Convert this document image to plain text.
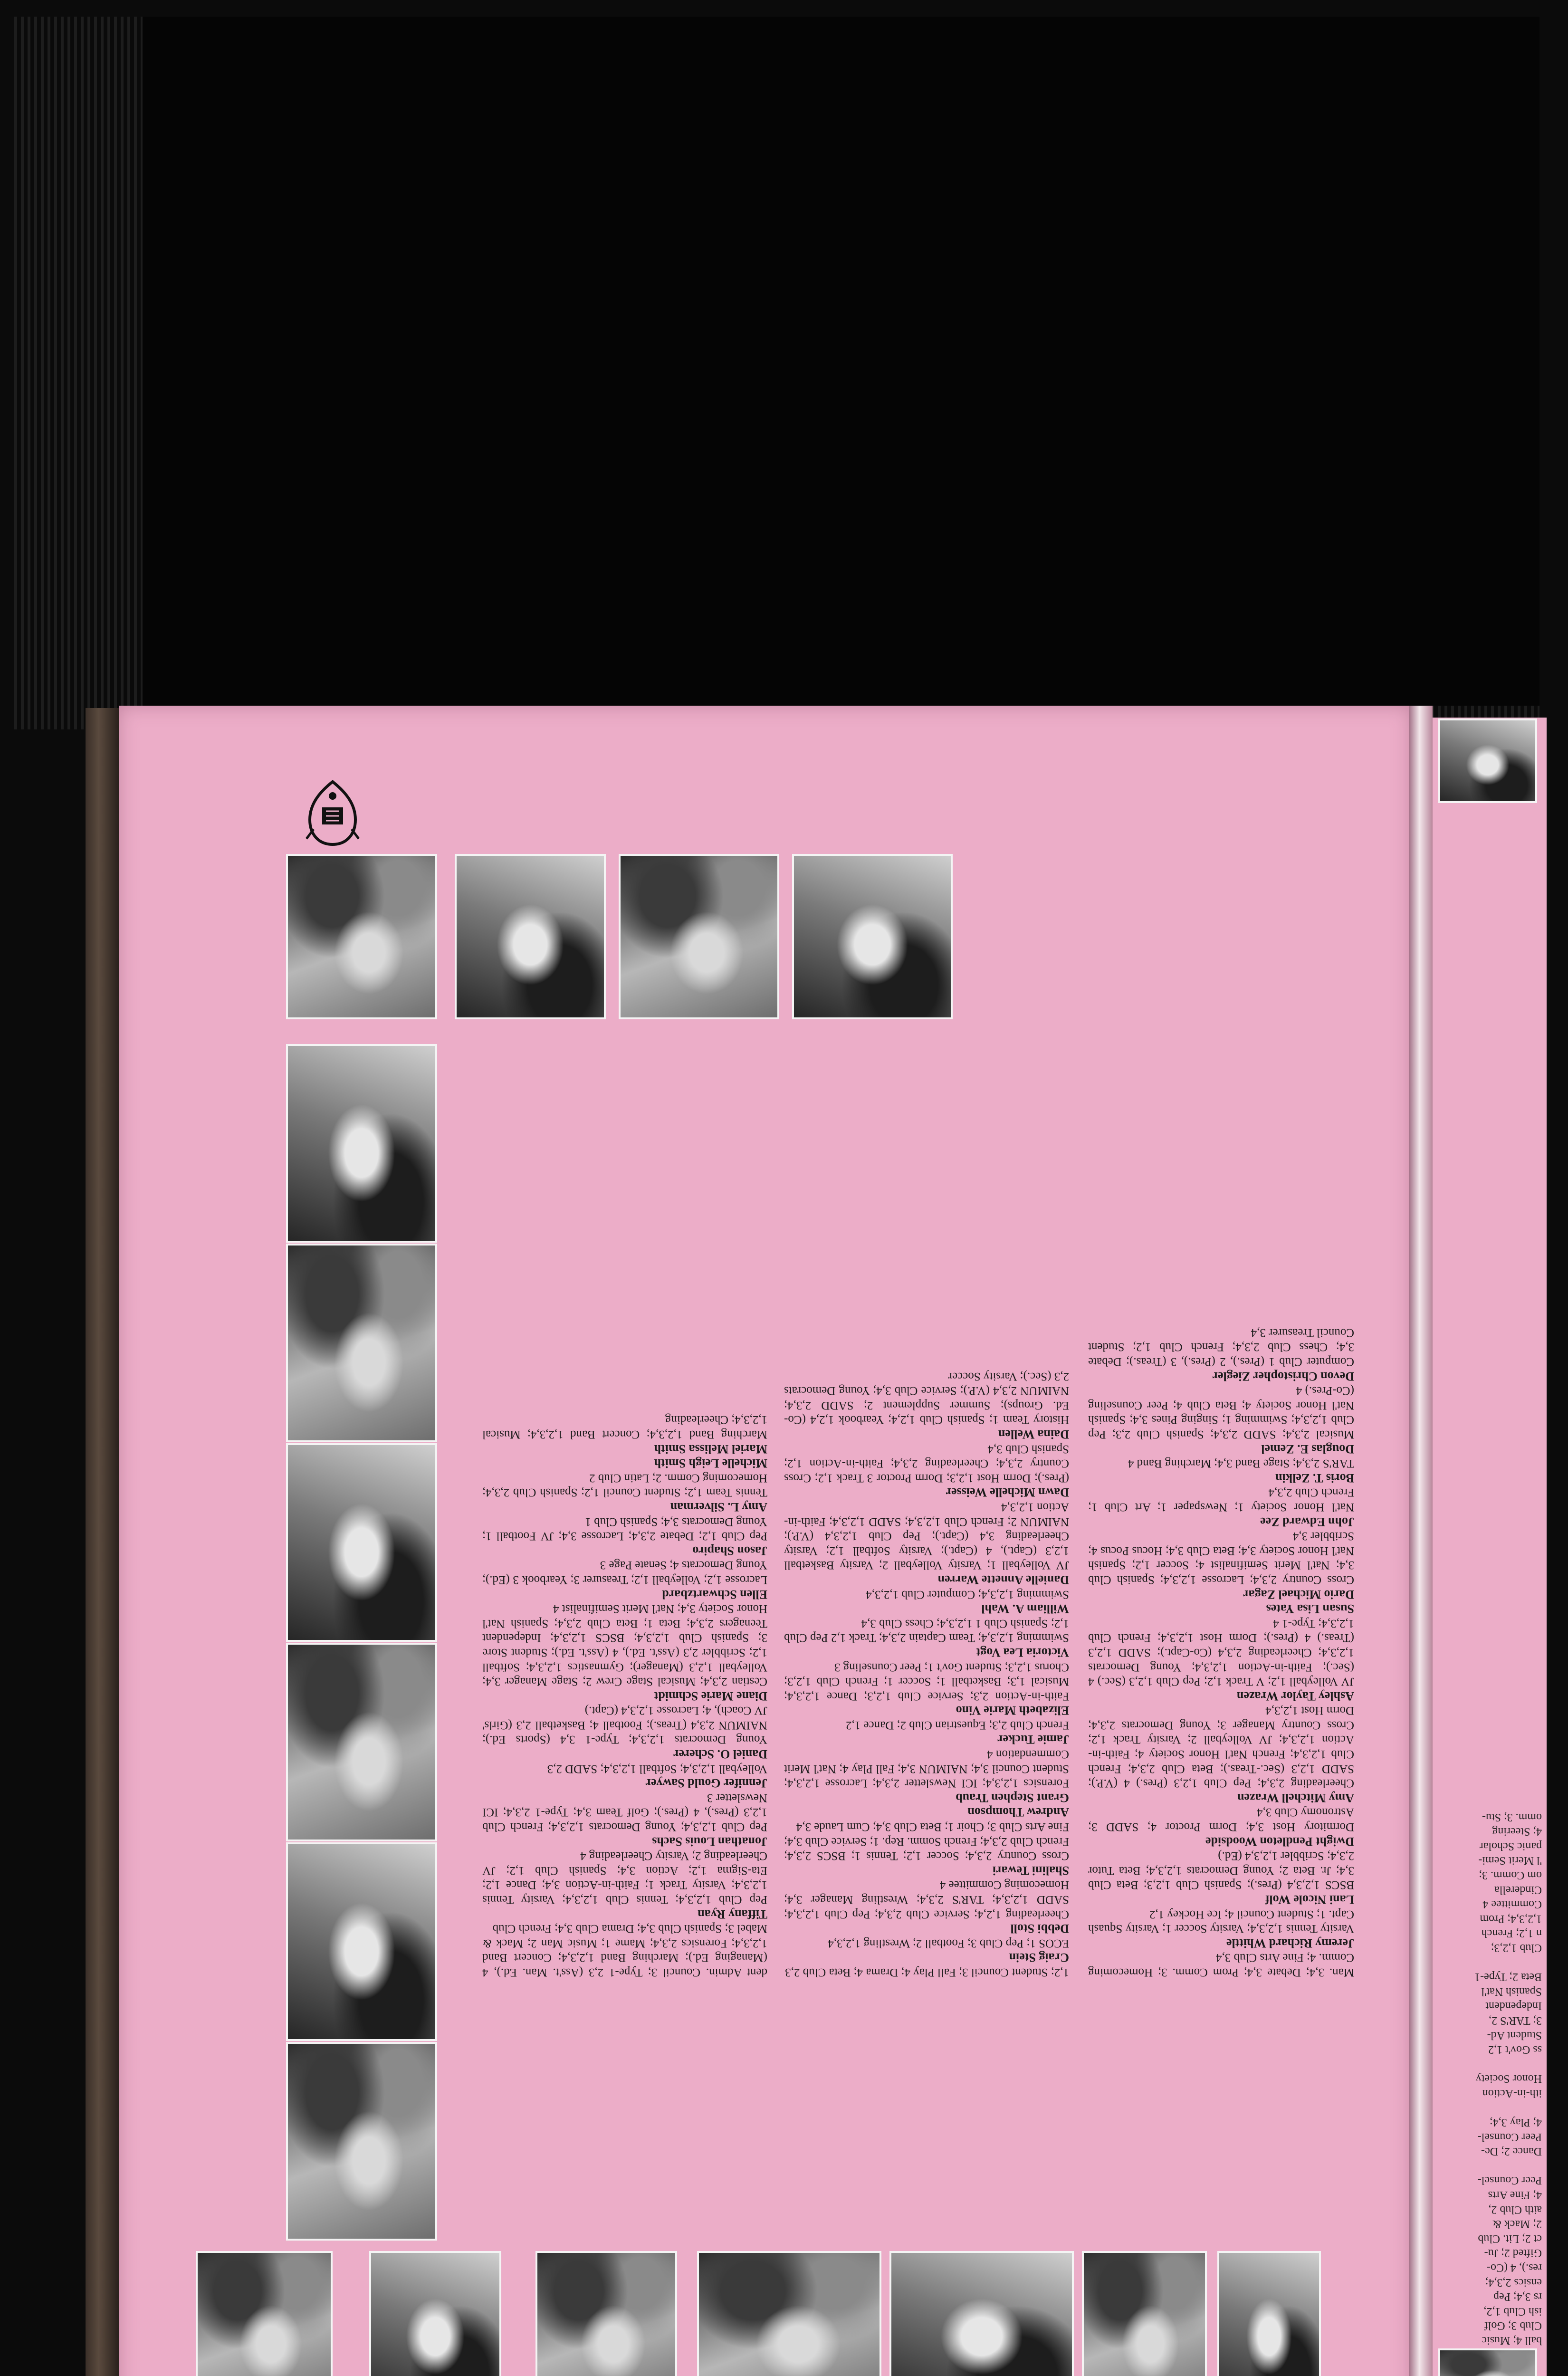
Man. 3,4; Debate 3,4; Prom Comm. 3; Homecoming Comm. 4; Fine Arts Club 3,4
Jeremy Richard Whittle
Varsity Tennis 1,2,3,4; Varsity Soccer 1; Varsity Squash Capt. 1; Student Council 4; Ice Hockey 1,2
Lani Nicole Wolf
BSCS 1,2,3,4 (Pres.); Spanish Club 1,2,3; Beta Club 3,4; Jr. Beta 2; Young Democrats 1,2,3,4; Beta Tutor 2,3,4; Scribbler 1,2,3,4 (Ed.)
Dwight Pendleton Woodside
Dormitory Host 3,4; Dorm Proctor 4; SADD 3; Astronomy Club 3,4
Amy Mitchell Wrazen
Cheerleading 2,3,4; Pep Club 1,2,3 (Pres.) 4 (V.P.); SADD 1,2,3 (Sec.-Treas.); Beta Club 2,3,4; French Club 1,2,3,4; French Nat'l Honor Society 4; Faith-in-Action 1,2,3,4; JV Volleyball 2; Varsity Track 1,2; Cross Country Manager 3; Young Democrats 2,3,4; Dorm Host 1,2,3,4
Ashley Taylor Wrazen
JV Volleyball 1,2; V Track 1,2; Pep Club 1,2,3 (Sec.) 4 (Sec.); Faith-in-Action 1,2,3,4; Young Democrats 1,2,3,4; Cheerleading 2,3,4 (Co-Capt.); SADD 1,2,3 (Treas.) 4 (Pres.); Dorm Host 1,2,3,4; French Club 1,2,3,4; Type-1 4
Susan Lisa Yates
Dario Michael Zagar
Cross Country 2,3,4; Lacrosse 1,2,3,4; Spanish Club 3,4; Nat'l Merit Semifinalist 4; Soccer 1,2; Spanish Nat'l Honor Society 3,4; Beta Club 3,4; Hocus Pocus 4; Scribbler 3,4
John Edward Zee
Nat'l Honor Society 1; Newspaper 1; Art Club 1; French Club 2,3,4
Boris T. Zelkin
TAR'S 2,3,4; Stage Band 3,4; Marching Band 4
Douglas E. Zemel
Musical 2,3,4; SADD 2,3,4; Spanish Club 2,3; Pep Club 1,2,3,4; Swimming 1; Singing Pines 3,4; Spanish Nat'l Honor Society 4; Beta Club 4; Peer Counseling (Co-Pres.) 4
Devon Christopher Ziegler
Computer Club 1 (Pres.), 2 (Pres.), 3 (Treas.); Debate 3,4; Chess Club 2,3,4; French Club 1,2; Student Council Treasurer 3,4
1,2; Student Council 3; Fall Play 4; Drama 4; Beta Club 2,3
Craig Stein
ECOS 1; Pep Club 3; Football 2; Wrestling 1,2,3,4
Debbi Stoll
Cheerleading 1,2,4; Service Club 2,3,4; Pep Club 1,2,3,4; SADD 1,2,3,4; TAR'S 2,3,4; Wrestling Manager 3,4; Homecoming Committee 4
Shalini Tewari
Cross Country 2,3,4; Soccer 1,2; Tennis 1; BSCS 2,3,4; French Club 2,3,4; French Somm. Rep. 1; Service Club 3,4; Fine Arts Club 3; Choir 1; Beta Club 3,4; Cum Laude 3,4
Andrew Thompson
Grant Stephen Traub
Forensics 1,2,3,4; ICI Newsletter 2,3,4; Lacrosse 1,2,3,4; Student Council 3,4; NAIMUN 3,4; Fall Play 4; Nat'l Merit Commendation 4
Jamie Tucker
French Club 2,3; Equestrian Club 2; Dance 1,2
Elizabeth Marie Vino
Faith-in-Action 2,3; Service Club 1,2,3; Dance 1,2,3,4; Musical 1,3; Basketball 1; Soccer 1; French Club 1,2,3; Chorus 1,2,3; Student Gov't 1; Peer Counseling 3
Victoria Lea Vogt
Swimming 1,2,3,4; Team Captain 2,3,4; Track 1,2 Pep Club 1,2; Spanish Club 1 1,2,3,4; Chess Club 3,4
William A. Wahl
Swimming 1,2,3,4; Computer Club 1,2,3,4
Danielle Annette Warren
JV Volleyball 1; Varsity Volleyball 2; Varsity Basketball 1,2,3 (Capt.), 4 (Capt.); Varsity Softball 1,2; Varsity Cheerleading 3,4 (Capt.); Pep Club 1,2,3,4 (V.P.); NAIMUN 2; French Club 1,2,3,4; SADD 1,2,3,4; Faith-in-Action 1,2,3,4
Dawn Michelle Weisser
(Pres.); Dorm Host 1,2,3; Dorm Proctor 3 Track 1,2; Cross Country 2,3,4; Cheerleading 2,3,4; Faith-in-Action 1,2; Spanish Club 3,4
Daina Wellen
History Team 1; Spanish Club 1,2,4; Yearbook 1,2,4 (Co-Ed. Groups); Summer Supplement 2; SADD 2,3,4; NAIMUN 2,3,4 (V.P.); Service Club 3,4; Young Democrats 2,3 (Sec.); Varsity Soccer
dent Admin. Council 3; Type-1 2,3 (Ass't. Man. Ed.), 4 (Managing Ed.); Marching Band 1,2,3,4; Concert Band 1,2,3,4; Forensics 2,3,4; Mame 1; Music Man 2; Mack & Mabel 3; Spanish Club 3,4; Drama Club 3,4; French Club
Tiffany Ryan
Pep Club 1,2,3,4; Tennis Club 1,2,3,4; Varsity Tennis 1,2,3,4; Varsity Track 1; Faith-in-Action 3,4; Dance 1,2; Eta-Sigma 1,2; Action 3,4; Spanish Club 1,2; JV Cheerleading 2; Varsity Cheerleading 4
Jonathan Louis Sachs
Pep Club 1,2,3,4; Young Democrats 1,2,3,4; French Club 1,2,3 (Pres.), 4 (Pres.); Golf Team 3,4; Type-1 2,3,4; ICI Newsletter 3
Jennifer Gould Sawyer
Volleyball 1,2,3,4; Softball 1,2,3,4; SADD 2,3
Daniel O. Scherer
Young Democrats 1,2,3,4; Type-1 3,4 (Sports Ed.); NAIMUN 2,3,4 (Treas.); Football 4; Basketball 2,3 (Girls' JV Coach), 4; Lacrosse 1,2,3,4 (Capt.)
Diane Marie Schmidt
Cestian 2,3,4; Musical Stage Crew 2; Stage Manager 3,4; Volleyball 1,2,3 (Manager); Gymnastics 1,2,3,4; Softball 1,2; Scribbler 2,3 (Ass't. Ed.), 4 (Ass't. Ed.); Student Store 3; Spanish Club 1,2,3,4; BSCS 1,2,3,4; Independent Teenagers 2,3,4; Beta 1; Beta Club 2,3,4; Spanish Nat'l Honor Society 3,4; Nat'l Merit Semifinalist 4
Ellen Schwartzbard
Lacrosse 1,2; Volleyball 1,2; Treasurer 3; Yearbook 3 (Ed.); Young Democrats 4; Senate Page 3
Jason Shapiro
Pep Club 1,2; Debate 2,3,4; Lacrosse 3,4; JV Football 1; Young Democrats 3,4; Spanish Club 1
Amy L. Silverman
Tennis Team 1,2; Student Council 1,2; Spanish Club 2,3,4; Homecoming Comm. 2; Latin Club 2
Michelle Leigh Smith
Mariel Melissa Smith
Marching Band 1,2,3,4; Concert Band 1,2,3,4; Musical 1,2,3,4; Cheerleading
ball 4; Music
Club 3; Golf
ish Club 1,2,
rs 3,4; Pep
ensics 2,3,4;
res.), 4 (Co-
Gifted 2; Ju-
ct 2; Lit. Club
2; Mack &
aith Club 2,
4; Fine Arts
Peer Counsel-

Dance 2; De-
Peer Counsel-
4; Play 3,4;

ith-in-Action
Honor Society

ss Gov't 1,2
Student Ad-
3; TAR'S 2,
Independent
Spanish Nat'l
Beta 2; Type-1

Club 1,2,3;
n 1,2; French
1,2,3,4; Prom
Committee 4
Cinderella
om Comm. 3;
'l Merit Semi-
panic Scholar
4; Steering
omm. 3; Stu-
